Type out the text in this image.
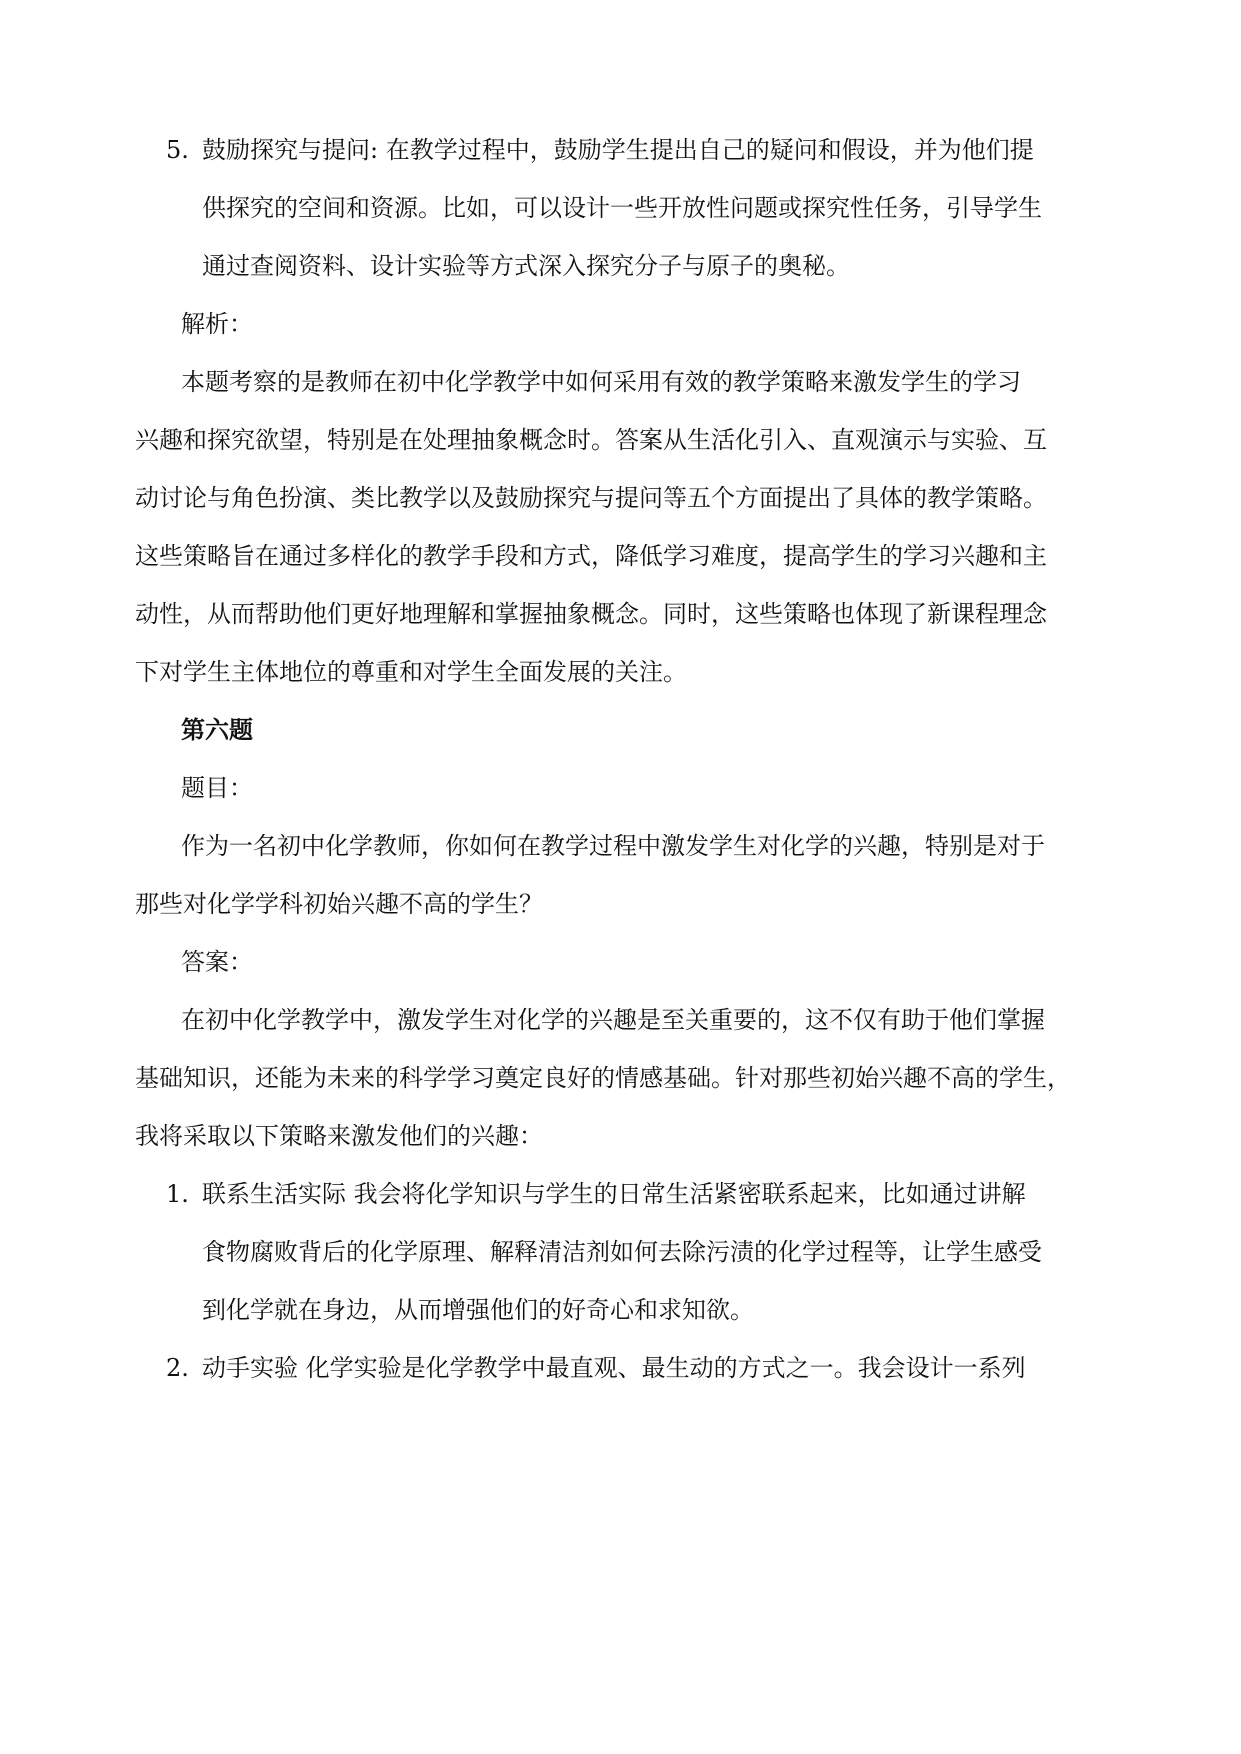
5. 鼓励探究与提问: 在教学过程中，鼓励学生提出自己的疑问和假设，并为他们提
供探究的空间和资源。比如，可以设计一些开放性问题或探究性任务，引导学生
通过查阅资料、设计实验等方式深入探究分子与原子的奥秘。
解析：
本题考察的是教师在初中化学教学中如何采用有效的教学策略来激发学生的学习
兴趣和探究欲望，特别是在处理抽象概念时。答案从生活化引入、直观演示与实验、互
动讨论与角色扮演、类比教学以及鼓励探究与提问等五个方面提出了具体的教学策略。
这些策略旨在通过多样化的教学手段和方式，降低学习难度，提高学生的学习兴趣和主
动性，从而帮助他们更好地理解和掌握抽象概念。同时，这些策略也体现了新课程理念
下对学生主体地位的尊重和对学生全面发展的关注。
第六题
题目：
作为一名初中化学教师，你如何在教学过程中激发学生对化学的兴趣，特别是对于
那些对化学学科初始兴趣不高的学生？
答案：
在初中化学教学中，激发学生对化学的兴趣是至关重要的，这不仅有助于他们掌握
基础知识，还能为未来的科学学习奠定良好的情感基础。针对那些初始兴趣不高的学生，
我将采取以下策略来激发他们的兴趣：
1. 联系生活实际 我会将化学知识与学生的日常生活紧密联系起来，比如通过讲解
食物腐败背后的化学原理、解释清洁剂如何去除污渍的化学过程等，让学生感受
到化学就在身边，从而增强他们的好奇心和求知欲。
2. 动手实验 化学实验是化学教学中最直观、最生动的方式之一。我会设计一系列
